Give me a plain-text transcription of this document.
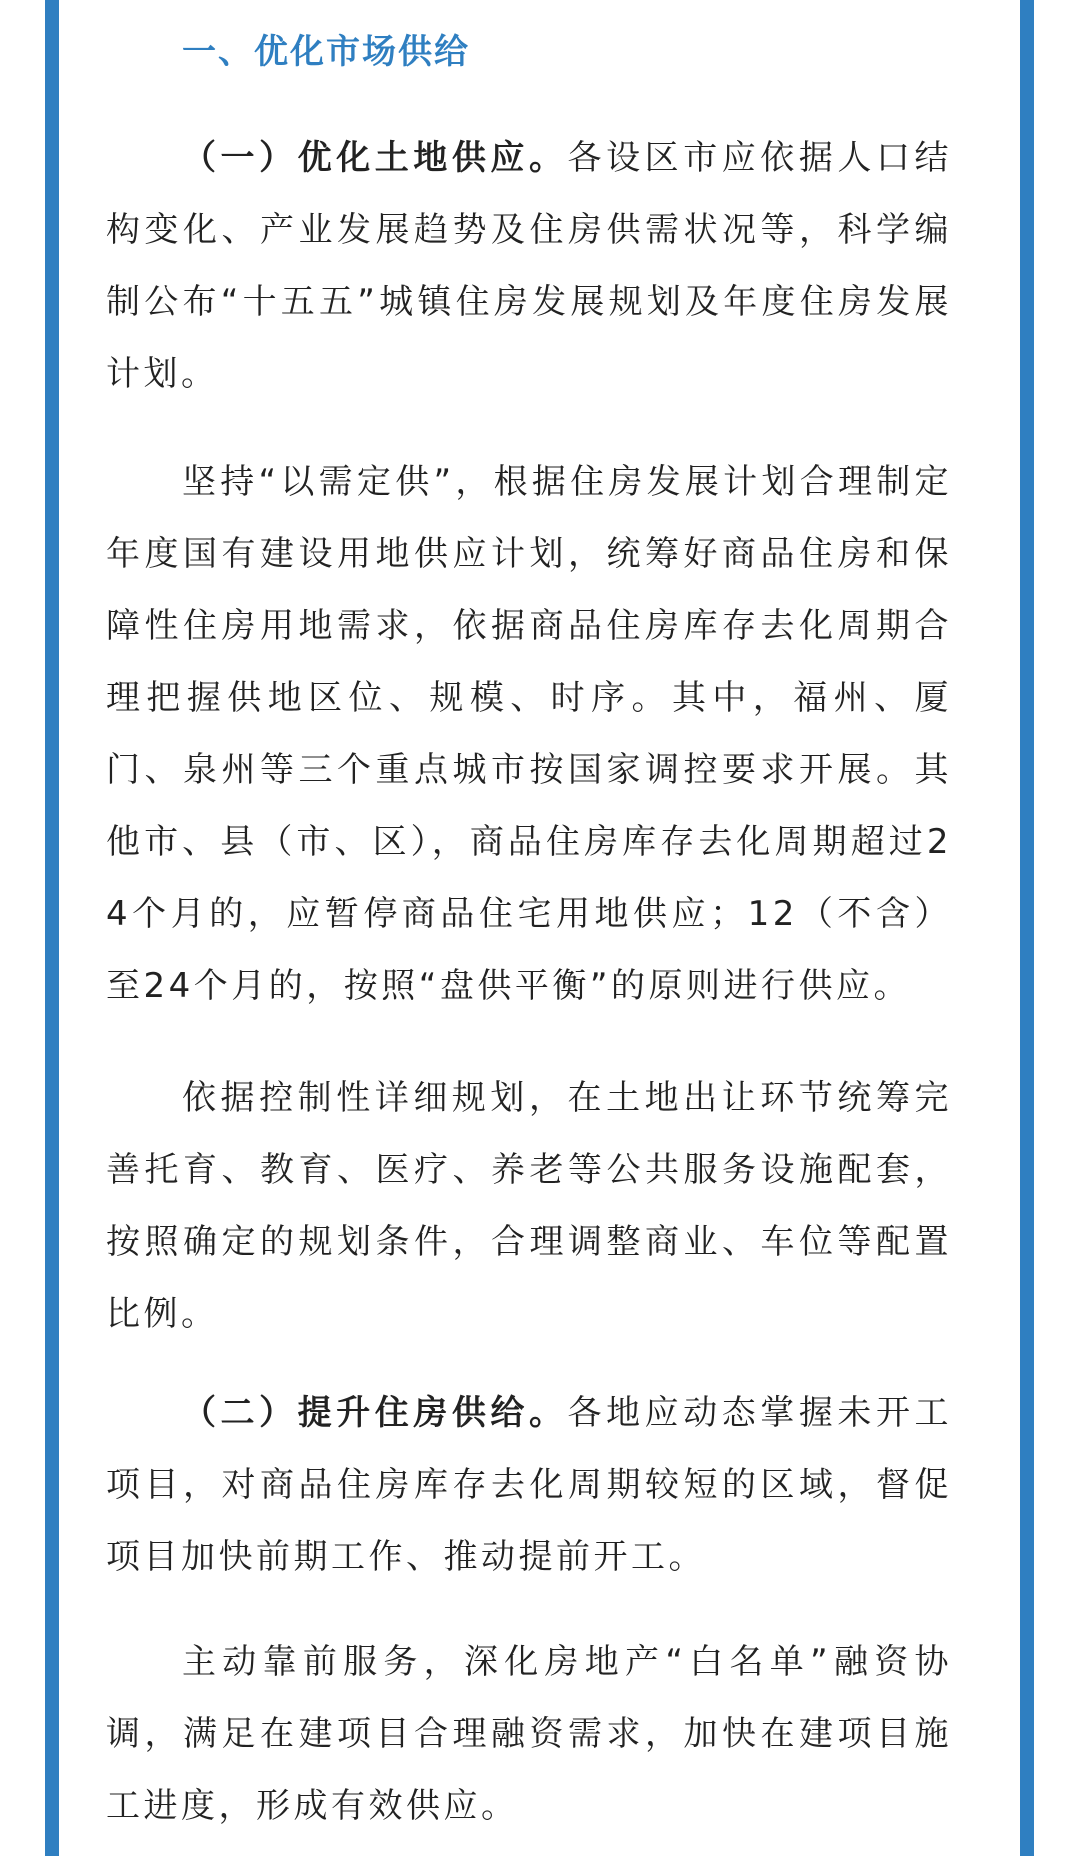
一、优化市场供给

（一）优化土地供应。各设区市应依据人口结构变化、产业发展趋势及住房供需状况等，科学编制公布“十五五”城镇住房发展规划及年度住房发展计划。

坚持“以需定供”，根据住房发展计划合理制定年度国有建设用地供应计划，统筹好商品住房和保障性住房用地需求，依据商品住房库存去化周期合理把握供地区位、规模、时序。其中，福州、厦门、泉州等三个重点城市按国家调控要求开展。其他市、县（市、区），商品住房库存去化周期超过24个月的，应暂停商品住宅用地供应；12（不含）至24个月的，按照“盘供平衡”的原则进行供应。

依据控制性详细规划，在土地出让环节统筹完善托育、教育、医疗、养老等公共服务设施配套，按照确定的规划条件，合理调整商业、车位等配置比例。

（二）提升住房供给。各地应动态掌握未开工项目，对商品住房库存去化周期较短的区域，督促项目加快前期工作、推动提前开工。

主动靠前服务，深化房地产“白名单”融资协调，满足在建项目合理融资需求，加快在建项目施工进度，形成有效供应。
